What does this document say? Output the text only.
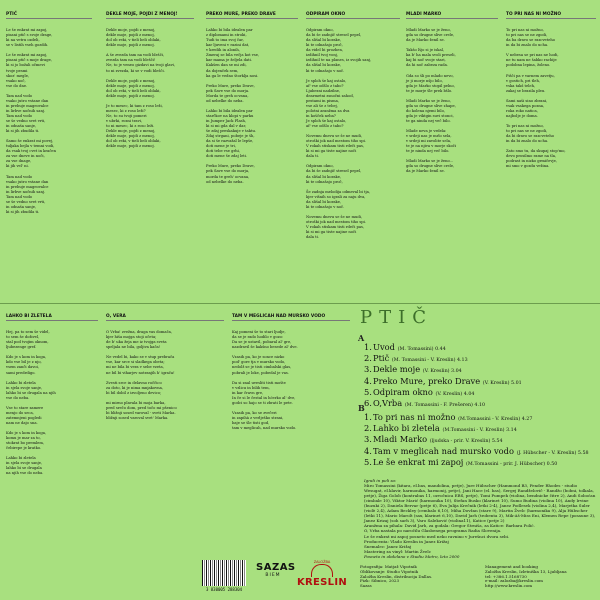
PTIČ

Le še enkrat mi zapoj,
pisani ptič s svoje drage,
ki na vetru ozdeli,
se v listih vseh gozdih.

Le še enkrat mi zapoj,
pisani ptič s moje drage,
ki si jo božali očmevi
tvoje pesmi
skoz' megle,
vsako noč,
vse do dne.

Tam nad vodo
vsako jutro vstane dan
in prebuje mageovalce
in lirbve nočnih sanj.
Tam nad vodo
se še vedno svet vrti,
in odnaša sanje,
ki si jih zbudila ti.

Samo še enkrat mi povej,
tuljaka bejla v temni vodi,
da vsak tvoj cvet in kračen
za vse dneve in noči,
za vse dnage,
ki jih vel' ni.

Tam nad vodo
vsako jutro vstane dan
in prebuje mageovalce
in lirbve nočnih sanj.
Tam nad vodo
se še vedno svet vrti,
in odnaša sanje,
ki si jih zbudila ti.

DEKLE MOJE, POJDI Z MENOJ!

Dekle moje, pojdi z menoj,
dekle moje, pojdi z menoj,
dol ob reki, v tieli beli oblaki,
dekle moje, pojdi z menoj.

A še zvezda tam na vodi blešči,
zvezda tam na vodi blešči!
Ne, to je veneo gizdavi na tvoji glavi,
to ni zvezda, ki se v vodi blešči.

Dekle moje, pojdi z menoj,
dekle moje, pojdi z menoj,
dol ob reki, v tieli beli oblaki,
dekle moje, pojdi z menoj.

Je to mesec, ki tam z roso leži,
mesec, ki z roso leži?
Ne, to su tvoji pomeri
v ubrki, rozni travi,
to ni mesec, ki z roso leži.
Dekle moje, pojdi z menoj,
dekle moje, pojdi z menoj,
dol ob reki, v tieli beli oblaki,
dekle moje, pojdi z menoj.

PREKO MURE, PREKO DRAVE

Lahko bi bila idealen par
z diplomami in stroki,
Tudi to ima svoj čar,
kar ljuveni v razini dat,
v kredih in alonih,
Zmeraj se bila večja kot vse,
kar mama je željela dati.
Kakšen dan se mi zdi,
da dojenček sem,
ka ga le vedno štorklja nosi.

Preko Mure, preko Drave,
pek Save vse do morja.
Morda te greh ocvana,
od nebelke do neba.

Lahko bi bila idealen par
starčkov na klopi v parku
in Jumper Jack Flash,
ki si mi gda dal v dar,
še zdaj preskakuje v taktu.
Zdaj strgani, pobeje je šh,
da si še razvažal le lepše,
doti mene je tri,
doti tebe vse grhi,
doti mene še zdaj leti.

Preko Mure, preko Drave,
pek Save vse do morja,
morda te greh' ocvana,
od nebelke do neba.

ODPIRAM OKNO

Odpiram okno,
da bi še zadnjič stresel pepel,
da slišal bi korake,
ki te odnašajo proč,
da videl bi prozhen,
izdihnil tvoj vonj,
izdihnil te na planes, iz svojih sanj,
da slišal bi korake,
ki te odnašajo v noč.

Je sploh še kaj ostalo,
af' vse odšlo z tabo?
Ljubezni nadzilne,
dearmetni zsnočni zahod,
pestami in pisma,
vse ali še z tebej,
polotni aranžma za dva
in košček neba?
Je sploh še kaj ostalo,
af' vse odšlo z tabo?

Novemu dnevu se še ne mudi,
otroški jok nad mestom tiho spi.
V rokah stiskam tisti rdeči pas,
ki si mi ga tiste najine noči
dala ti.

Odpiram okno,
da bi še zadnjič stresel pepel,
da slišal bi korake,
ki te odnašajo proč,

Še zadnja melodija odmeval bi tja,
kjer višnih so igrali za naju dva,
da slišal bi korake,
ki te odnašajo v noč.

Novemu dnevu se še ne mudi,
otroški jok nad mestom tiho spi.
V rokah stiskam tisti rdeči pas,
ki si mi ga tiste najine noči
dala ti.

MLADI MARKO

Mladi Marko se je ženo,
gda so drugne slive crele,
da je Marko ženil se.

Takšo lšjo si je iskal,
ka b' ha mala svoli preseli,
kaj bi noč svoje stari,
da hi noč zabeza rada.

Gda so šli po mlado nevo,
je ji morje nšjo bilo,
gda je Marko stopil pelno,
te je morje šle prek bšlo.

Mladi Marko se je ženo,
gda so drugne slive zhape,
do kolena njemi bilo,
gda je viktgin suvi stonci,
te ga ninda nej več bilo.

Mlade neva je vrdela:
v srdeji nas je mrlo sela,
v srdeji mi zavolite sela,
te je na njiva v morje skoči
te je ninda nej več bilo.

Mladi Marko se je ženo...
gda so drugne slive crele,
da je Marko ženil se.

TO PRI NAS NI MOŽNO

To pri nas ni možno,
to pri nas se ne zgodi,
da ba dravo se razcveteho
in da bi znalo do ucha.

V nebesa se pri nas ne hodi,
ne tu nam ne šabko rachije
podobna lepina, žoleno.

Pišči pa v varnem zavetju,
v gostich, pri tleh,
vska takš teleh,
zakaj se brazila pleu.

Sami naši sino zbrani,
vsak vsakega pozna,
roka roko natica,
najbolje je doma.

To pri nas ni možno,
to pri nas se ne zgodi,
da bi dravo se razcveteho
in da bi znalo do ucha.

Zato smo tu, da skupaj stop'mo,
devo prosilmo rame na tla,
podrast in nizko grmičevje,
mi smo v gozdu vežina.

LAHKO BI ZLETELA

Hej, pa to sem še videl,
to sem še doživel,
stal pod tvojim oknom,
ljubezenge gref.

Kdo je s kom in koga,
kdo vse bil je z njo,
vsem zanči davoi,
sami predrdigo.

Lahko bi zletela
in sjela svoje sanje,
lahko bi se drugala na njih
vse do neba.

Vse to stare zamere
menjo do seca,
zatemnjeni pogledi
nam ne dajo sna.

Kdo je s kom in koga,
komu je mar za to,
stokrat bo premlem,
čebirepe je kratko.

Lahko bi zletela
in sjela svoje sanje,
lahko bi se drugala
na njih vse do neba.

O, VERA

O Vrba! zvežna, draga vas domača,
kjer hiša mojga stoji očeta;
de b' uka žeja me iz tvojga sveta
speljala ne bila, goljiva kača!

Ne vedel bi, kako se v stup prebrača
vse, kar srce si sladkega obeta;
mi ne bila bi vera v sebe vzeta,
ne bil bi viharjev notranjih h' igrača!

Zvesti srce in delavno roččico
za doto, ki je nima mnjakovna,
bi bil dobil z izvoljeno devico;

mi mirno plavala bi moja barka,
pred srečo dom, pred točo mi pšenico
bi bližnji sosed varoval - sveti Marka.
bližnji sosed varoval svet' Marka.

TAM V MEGLICAH NAD MURSKO VODO

Kaj pomeni še to stari ljudje,
da se je rado hodilo v gozo:
Da se je ustavil, pobaral al' gre,
nazdravil še kakšno besede al' dve.

Vzasih pa, ko je sonce nizko
pod' gore tja v mursko vodo,
nedolž se je tisti cimbalski glas,
pobrali je loke, pobedal je vas.

Da si znal uvesliti tisti mošte
v vzlicu in bilih tem,
in kar čravn gre,
In če si le čestal in hćerko al' dve,
godci so hajo se ti zbrati le pete.

Vzasih pa, ko se zvečeri
in zapihà z verlješko strani,
baje se šle tisti god,
tam v meglicah, nad mursko vodo.

PTIČ
A
1.Uvod (M. Tomassini) 0.44
2.Ptič (M. Tomassini - V. Kreslin) 4.13
3.Dekle moje (V. Kreslin) 3.04
4.Preko Mure, preko Drave (V. Kreslin) 5.01
5.Odpiram okno (V. Kreslin) 4.04
6.O,Vrba (M. Tomassini - F. Prešeren) 4.10
B
1.To pri nas ni možno (M.Tomassini - V. Kreslin) 4.27
2.Lahko bi zletela (M.Tomassini - V. Kreslin) 3.14
3.Mladi Marko (ljudska - prir. V. Kreslin) 5.54
4.Tam v meglicah nad mursko vodo (J. Hübscher - V. Kreslin) 5.58
5.Le še enkrat mi zapoj (M.Tomassini - prir. J. Hübscher) 0.50
Igrali in peli so:
Miro Tomassini (kitara, el.bas, mandolina, petje), Jure Hübscher (Hammond B3, Fender Rhodes - studio Wesugat, el.klavir, harmonika, harmonij, petje), Jani Hace (el. bas), Sergej Randželovič - Randžo (bobni, tolkala, petje), Žiga Golob (kontrabas 11, ozvočnica EBS, petje), Tomi Pumpek (violina, bendnicke čitre 2), Andi Soboćan (cimbale 10), Viktor Marić (harmonika 10), Stefan Busko (klarinet 10), Sumo Budina (violina 10), Andy Irvine (buzuki 2), Daniela Bervar (petje 6), Eva Julija Krečnik (letki 2-4), Janez Podlesek (violina 2,4), Marjetka Suler (violè 2,4), Adam Beckley (cembalo 6,10), Miha Dovžan (stare 9), Martin Žvelc (harmonika 9), Alja Hübscher (letki 11), Mario Marolt (sax, klarinet 6,10), David Jarh (trobenta 3), Mik-Aš-Miss Eni, Klemen Repe (posaune 3), Janez Krizaj (soh sarh 3), Varo Saleković (violina11), Katice (petje 2)
Aranžma za pihala: David Jarh, za godala: Gregor Strniša, za Katice: Barbara Polić.
O, Vrba nastala po naročilu Glasbenega programa Radia Slovenija.
Le še enkrat mi zapoj posneto med neko ravnino v Jurešnci dvora sebi.
Producenta: Vlado Kreslin in Janez Križaj
Snemalec: Janez Križaj
Mastering za vinyl: Martin Žvelc
Posneto in obdelano v Studiu Metro, leto 2000
3 830005 288304
SAZAS
BIEM
ZALOŽBA
KRESLIN
Fotografija: Matjaž Vipotnik
Oblikovanje: Studio Vipotnik
Založba Kreslin, distribucija Dallas.
Fizk: Sibnico, 2023
Sazas
Management and booking
Založba Kreslin, Izletniška 13, Ljubljana
tel: +386.1.5168730
e-mail: zalozba@kreslin.com
http://www.kreslin.com
